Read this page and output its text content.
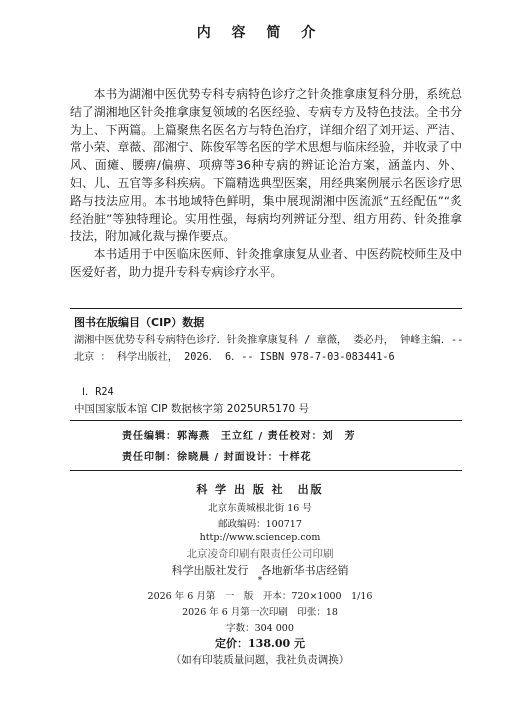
内 容 简 介

本书为湖湘中医优势专科专病特色诊疗之针灸推拿康复科分册，系统总结了湖湘地区针灸推拿康复领域的名医经验、专病专方及特色技法。全书分为上、下两篇。上篇聚焦名医名方与特色治疗，详细介绍了刘开运、严洁、常小荣、章薇、邵湘宁、陈俊军等名医的学术思想与临床经验，并收录了中风、面瘫、腰痹/偏痹、项痹等36种专病的辨证论治方案，涵盖内、外、妇、儿、五官等多科疾病。下篇精选典型医案，用经典案例展示名医诊疗思路与技法应用。本书地域特色鲜明，集中展现湖湘中医流派“五经配伍”“炙经治脏”等独特理论。实用性强，每病均列辨证分型、组方用药、针灸推拿技法，附加减化裁与操作要点。

本书适用于中医临床医师、针灸推拿康复从业者、中医药院校师生及中医爱好者，助力提升专科专病诊疗水平。

图书在版编目（CIP）数据
湖湘中医优势专科专病特色诊疗．针灸推拿康复科 / 章薇， 娄必丹， 钟峰主编．-- 北京 ： 科学出版社， 2026． 6．-- ISBN 978-7-03-083441-6
Ⅰ．R24
中国国家版本馆 CIP 数据核字第 2025UR5170 号
责任编辑：郭海燕　王立红 / 责任校对：刘　芳
责任印制：徐晓晨 / 封面设计：十样花
科 学 出 版 社　出版
北京东黄城根北街 16 号
邮政编码：100717
http://www.sciencep.com
北京凌奇印刷有限责任公司印刷
科学出版社发行 各地新华书店经销
*
2026 年 6 月第　一　版　开本：720×1000　1/16
2026 年 6 月第一次印刷　印张：18
字数：304 000
定价：138.00 元
（如有印装质量问题，我社负责调换）
